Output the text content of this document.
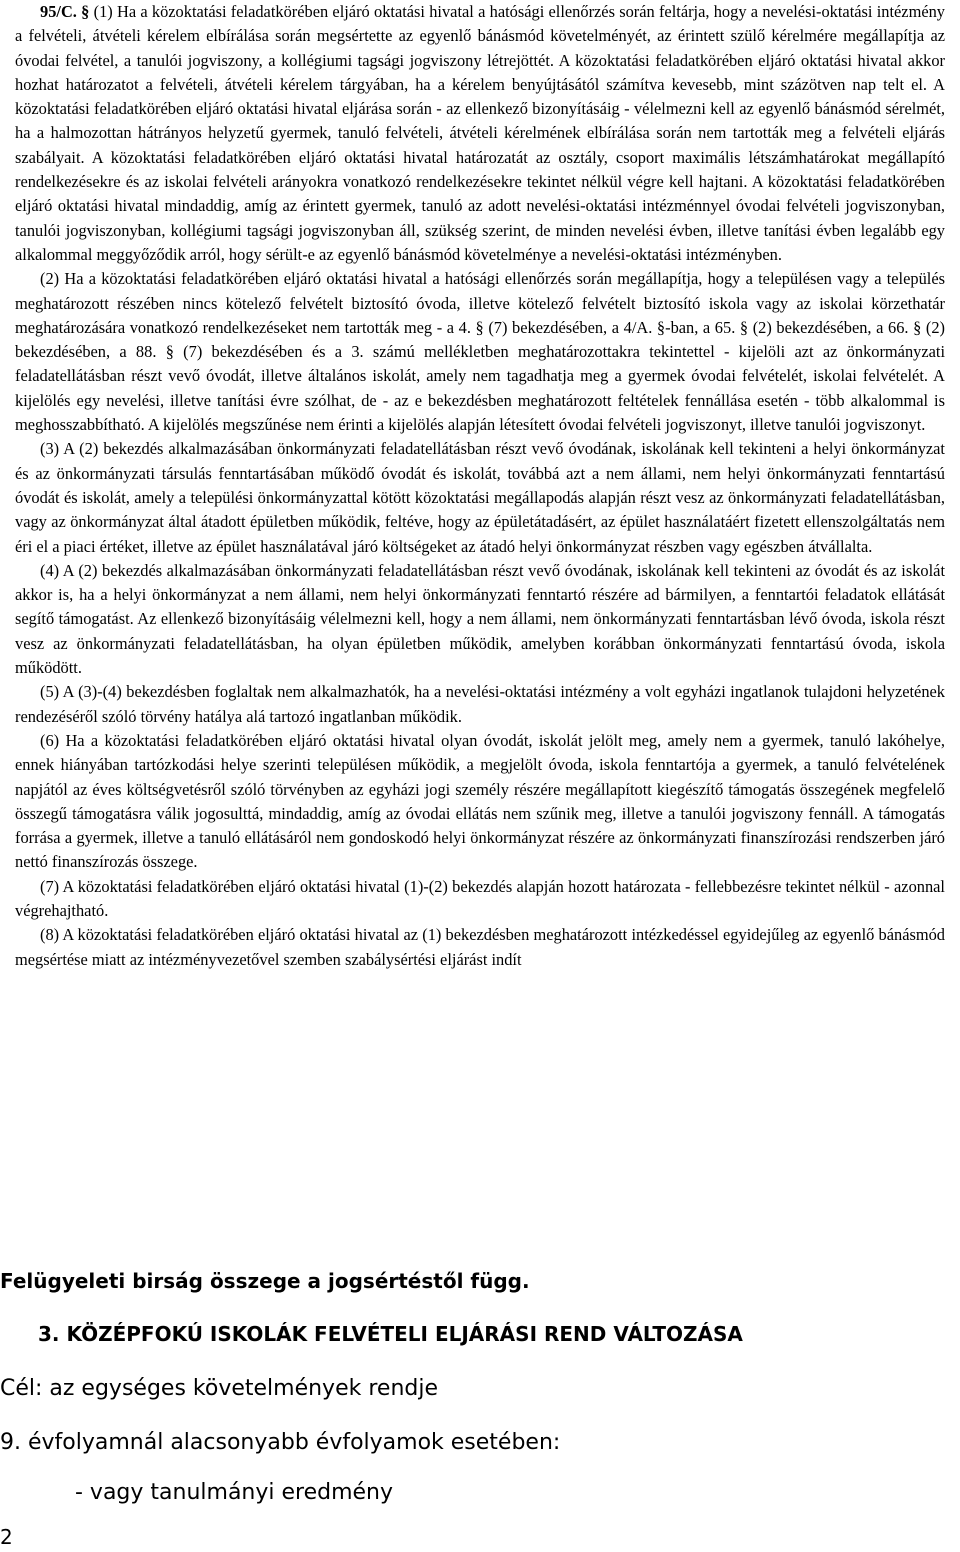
95/C. § (1) Ha a közoktatási feladatkörében eljáró oktatási hivatal a hatósági ellenőrzés során feltárja, hogy a nevelési-oktatási intézmény a felvételi, átvételi kérelem elbírálása során megsértette az egyenlő bánásmód követelményét, az érintett szülő kérelmére megállapítja az óvodai felvétel, a tanulói jogviszony, a kollégiumi tagsági jogviszony létrejöttét. A közoktatási feladatkörében eljáró oktatási hivatal akkor hozhat határozatot a felvételi, átvételi kérelem tárgyában, ha a kérelem benyújtásától számítva kevesebb, mint százötven nap telt el. A közoktatási feladatkörében eljáró oktatási hivatal eljárása során - az ellenkező bizonyításáig - vélelmezni kell az egyenlő bánásmód sérelmét, ha a halmozottan hátrányos helyzetű gyermek, tanuló felvételi, átvételi kérelmének elbírálása során nem tartották meg a felvételi eljárás szabályait. A közoktatási feladatkörében eljáró oktatási hivatal határozatát az osztály, csoport maximális létszámhatárokat megállapító rendelkezésekre és az iskolai felvételi arányokra vonatkozó rendelkezésekre tekintet nélkül végre kell hajtani. A közoktatási feladatkörében eljáró oktatási hivatal mindaddig, amíg az érintett gyermek, tanuló az adott nevelési-oktatási intézménnyel óvodai felvételi jogviszonyban, tanulói jogviszonyban, kollégiumi tagsági jogviszonyban áll, szükség szerint, de minden nevelési évben, illetve tanítási évben legalább egy alkalommal meggyőződik arról, hogy sérült-e az egyenlő bánásmód követelménye a nevelési-oktatási intézményben.

(2) Ha a közoktatási feladatkörében eljáró oktatási hivatal a hatósági ellenőrzés során megállapítja, hogy a településen vagy a település meghatározott részében nincs kötelező felvételt biztosító óvoda, illetve kötelező felvételt biztosító iskola vagy az iskolai körzethatár meghatározására vonatkozó rendelkezéseket nem tartották meg - a 4. § (7) bekezdésében, a 4/A. §-ban, a 65. § (2) bekezdésében, a 66. § (2) bekezdésében, a 88. § (7) bekezdésében és a 3. számú mellékletben meghatározottakra tekintettel - kijelöli azt az önkormányzati feladatellátásban részt vevő óvodát, illetve általános iskolát, amely nem tagadhatja meg a gyermek óvodai felvételét, iskolai felvételét. A kijelölés egy nevelési, illetve tanítási évre szólhat, de - az e bekezdésben meghatározott feltételek fennállása esetén - több alkalommal is meghosszabbítható. A kijelölés megszűnése nem érinti a kijelölés alapján létesített óvodai felvételi jogviszonyt, illetve tanulói jogviszonyt.

(3) A (2) bekezdés alkalmazásában önkormányzati feladatellátásban részt vevő óvodának, iskolának kell tekinteni a helyi önkormányzat és az önkormányzati társulás fenntartásában működő óvodát és iskolát, továbbá azt a nem állami, nem helyi önkormányzati fenntartású óvodát és iskolát, amely a települési önkormányzattal kötött közoktatási megállapodás alapján részt vesz az önkormányzati feladatellátásban, vagy az önkormányzat által átadott épületben működik, feltéve, hogy az épületátadásért, az épület használatáért fizetett ellenszolgáltatás nem éri el a piaci értéket, illetve az épület használatával járó költségeket az átadó helyi önkormányzat részben vagy egészben átvállalta.

(4) A (2) bekezdés alkalmazásában önkormányzati feladatellátásban részt vevő óvodának, iskolának kell tekinteni az óvodát és az iskolát akkor is, ha a helyi önkormányzat a nem állami, nem helyi önkormányzati fenntartó részére ad bármilyen, a fenntartói feladatok ellátását segítő támogatást. Az ellenkező bizonyításáig vélelmezni kell, hogy a nem állami, nem önkormányzati fenntartásban lévő óvoda, iskola részt vesz az önkormányzati feladatellátásban, ha olyan épületben működik, amelyben korábban önkormányzati fenntartású óvoda, iskola működött.

(5) A (3)-(4) bekezdésben foglaltak nem alkalmazhatók, ha a nevelési-oktatási intézmény a volt egyházi ingatlanok tulajdoni helyzetének rendezéséről szóló törvény hatálya alá tartozó ingatlanban működik.

(6) Ha a közoktatási feladatkörében eljáró oktatási hivatal olyan óvodát, iskolát jelölt meg, amely nem a gyermek, tanuló lakóhelye, ennek hiányában tartózkodási helye szerinti településen működik, a megjelölt óvoda, iskola fenntartója a gyermek, a tanuló felvételének napjától az éves költségvetésről szóló törvényben az egyházi jogi személy részére megállapított kiegészítő támogatás összegének megfelelő összegű támogatásra válik jogosulttá, mindaddig, amíg az óvodai ellátás nem szűnik meg, illetve a tanulói jogviszony fennáll. A támogatás forrása a gyermek, illetve a tanuló ellátásáról nem gondoskodó helyi önkormányzat részére az önkormányzati finanszírozási rendszerben járó nettó finanszírozás összege.

(7) A közoktatási feladatkörében eljáró oktatási hivatal (1)-(2) bekezdés alapján hozott határozata - fellebbezésre tekintet nélkül - azonnal végrehajtható.

(8) A közoktatási feladatkörében eljáró oktatási hivatal az (1) bekezdésben meghatározott intézkedéssel egyidejűleg az egyenlő bánásmód megsértése miatt az intézményvezetővel szemben szabálysértési eljárást indít

Felügyeleti birság összege a jogsértéstől függ.
3. KÖZÉPFOKÚ ISKOLÁK FELVÉTELI ELJÁRÁSI REND VÁLTOZÁSA
Cél: az egységes követelmények rendje
9. évfolyamnál alacsonyabb évfolyamok esetében:
- vagy tanulmányi eredmény
2
